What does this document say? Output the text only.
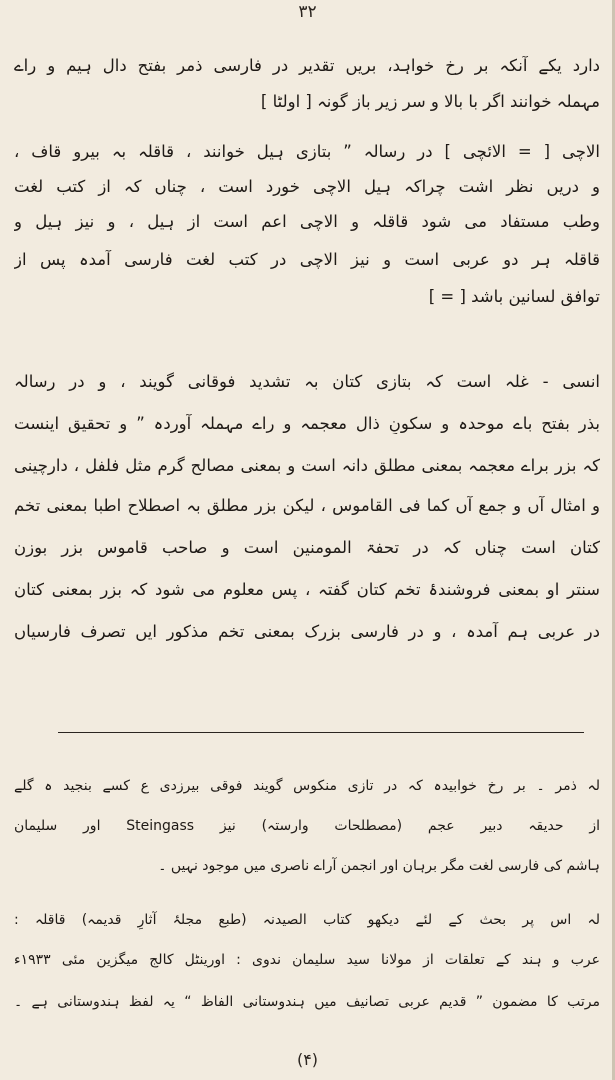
۳۲
دارد یکے آنکہ بر رخ خواہد، بریں تقدیر در فارسی ذمر بفتح دال ہیم و راے
مہملہ خوانند اگر با بالا و سر زیر باز گونہ [ اولٹا ]
الاچی [ = الائچی ] در رسالہ ” بتازی ہیل خوانند ، قاقلہ بہ بیرو قاف ،
و دریں نظر اشت چراکہ ہیل الاچی خورد است ، چناں کہ از کتب لغت
وطب مستفاد می شود قاقلہ و الاچی اعم است از ہیل ، و نیز ہیل و
قاقلہ ہر دو عربی است و نیز الاچی در کتب لغت فارسی آمدہ پس از
توافق لسانین باشد [ = ]
انسی - غلہ است کہ بتازی کتان بہ تشدید فوقانی گویند ، و در رسالہ
بذر بفتح باے موحدہ و سکونِ ذال معجمہ و راے مہملہ آوردہ ” و تحقیق اینست
کہ بزر براے معجمہ بمعنی مطلق دانہ است و بمعنی مصالح گرم مثل فلفل ، دارچینی
و امثال آں و جمع آں کما فی القاموس ، لیکن بزر مطلق بہ اصطلاح اطبا بمعنی تخم
کتان است چناں کہ در تحفۃ المومنین است و صاحب قاموس بزر بوزن
سنتر او بمعنی فروشندۂ تخم کتان گفتہ ، پس معلوم می شود کہ بزر بمعنی کتان
در عربی ہم آمدہ ، و در فارسی بزرک بمعنی تخم مذکور ایں تصرف فارسیاں
لہ ذمر ۔ بر رخ خوابیدہ کہ در تازی منکوس گویند فوقی بیرزدی ع کسے بنجید ہ گلے
از حدیقہ دبیر عجم (مصطلحات وارستہ) نیز Steingass اور سلیمان
ہاشم کی فارسی لغت مگر برہان اور انجمن آراے ناصری میں موجود نہیں ۔
لہ اس پر بحث کے لئے دیکھو کتاب الصیدنہ (طبع مجلۂ آثارِ قدیمہ) قاقلہ :
عرب و ہند کے تعلقات از مولانا سید سلیمان ندوی : اورینٹل کالج میگزین مئی ۱۹۳۳ء
مرتب کا مضمون ” قدیم عربی تصانیف میں ہندوستانی الفاظ “ یہ لفظ ہندوستانی ہے ۔
(۴)
